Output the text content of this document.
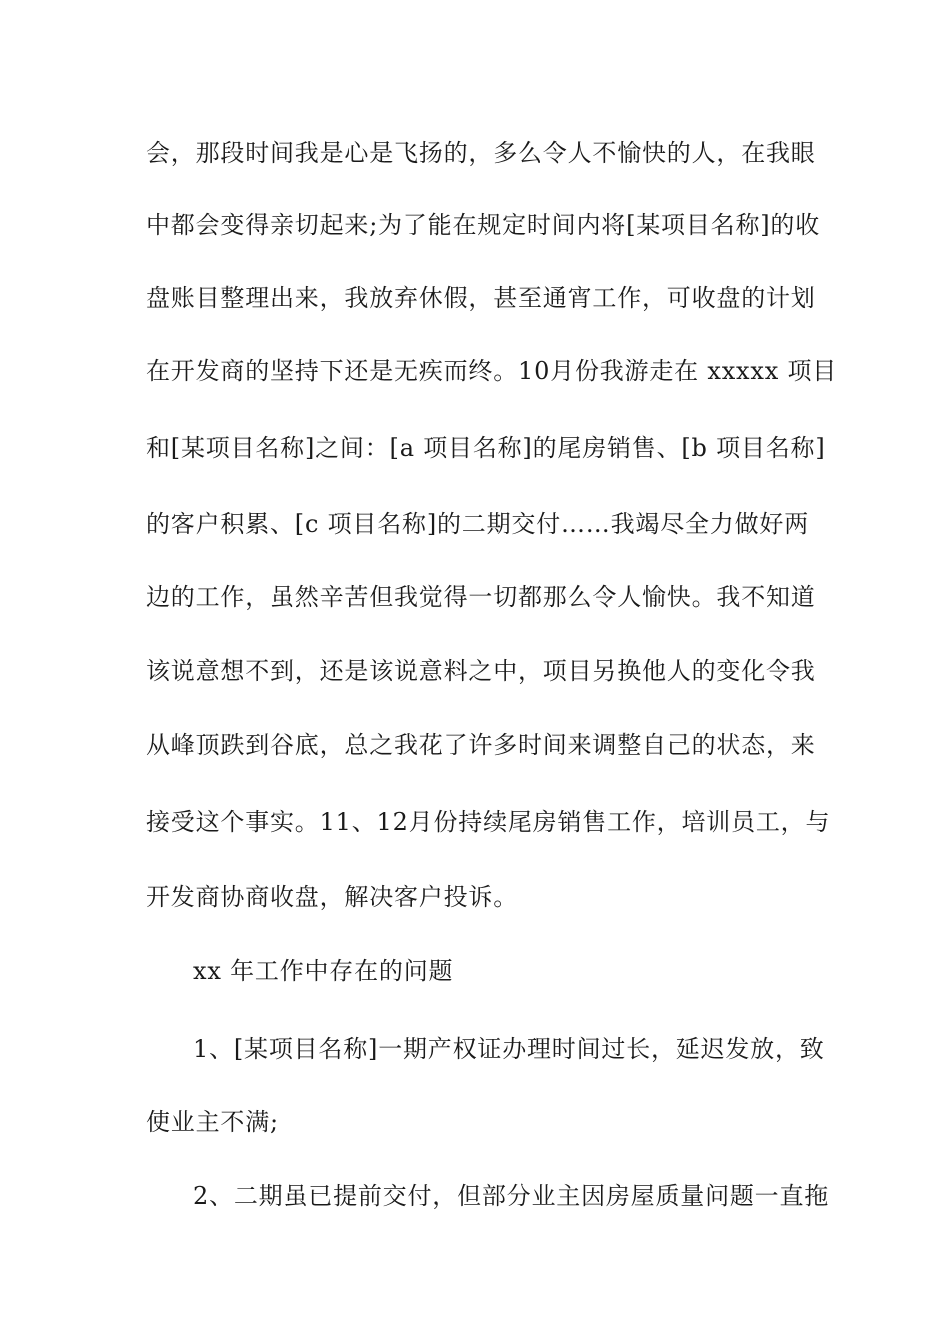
会，那段时间我是心是飞扬的，多么令人不愉快的人，在我眼
中都会变得亲切起来;为了能在规定时间内将[某项目名称]的收
盘账目整理出来，我放弃休假，甚至通宵工作，可收盘的计划
在开发商的坚持下还是无疾而终。10月份我游走在 xxxxx 项目
和[某项目名称]之间：[a 项目名称]的尾房销售、[b 项目名称]
的客户积累、[c 项目名称]的二期交付……我竭尽全力做好两
边的工作，虽然辛苦但我觉得一切都那么令人愉快。我不知道
该说意想不到，还是该说意料之中，项目另换他人的变化令我
从峰顶跌到谷底，总之我花了许多时间来调整自己的状态，来
接受这个事实。11、12月份持续尾房销售工作，培训员工，与
开发商协商收盘，解决客户投诉。
xx 年工作中存在的问题
1、[某项目名称]一期产权证办理时间过长，延迟发放，致
使业主不满;
2、二期虽已提前交付，但部分业主因房屋质量问题一直拖
